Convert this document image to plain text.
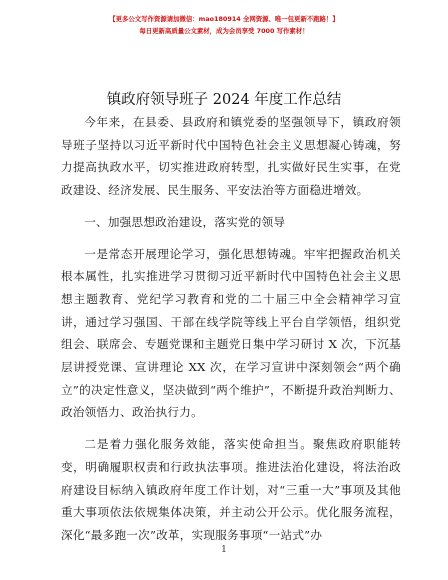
【更多公文写作资源请加微信：mao180914 全网资源、唯一包更新不跑路！】
每日更新高质量公文素材，成为会员享受 7000 写作素材！
镇政府领导班子 2024 年度工作总结

今年来，在县委、县政府和镇党委的坚强领导下，镇政府领导班子坚持以习近平新时代中国特色社会主义思想凝心铸魂，努力提高执政水平，切实推进政府转型，扎实做好民生实事，在党政建设、经济发展、民生服务、平安法治等方面稳进增效。

一、加强思想政治建设，落实党的领导

一是常态开展理论学习，强化思想铸魂。牢牢把握政治机关根本属性，扎实推进学习贯彻习近平新时代中国特色社会主义思想主题教育、党纪学习教育和党的二十届三中全会精神学习宣讲，通过学习强国、干部在线学院等线上平台自学领悟，组织党组会、联席会、专题党课和主题党日集中学习研讨 X 次，下沉基层讲授党课、宣讲理论 XX 次，在学习宣讲中深刻领会“两个确立”的决定性意义，坚决做到“两个维护”，不断提升政治判断力、政治领悟力、政治执行力。

二是着力强化服务效能，落实使命担当。聚焦政府职能转变，明确履职权责和行政执法事项。推进法治化建设，将法治政府建设目标纳入镇政府年度工作计划，对“三重一大”事项及其他重大事项依法依规集体决策，并主动公开公示。优化服务流程，深化“最多跑一次”改革，实现服务事项“一站式”办

1
